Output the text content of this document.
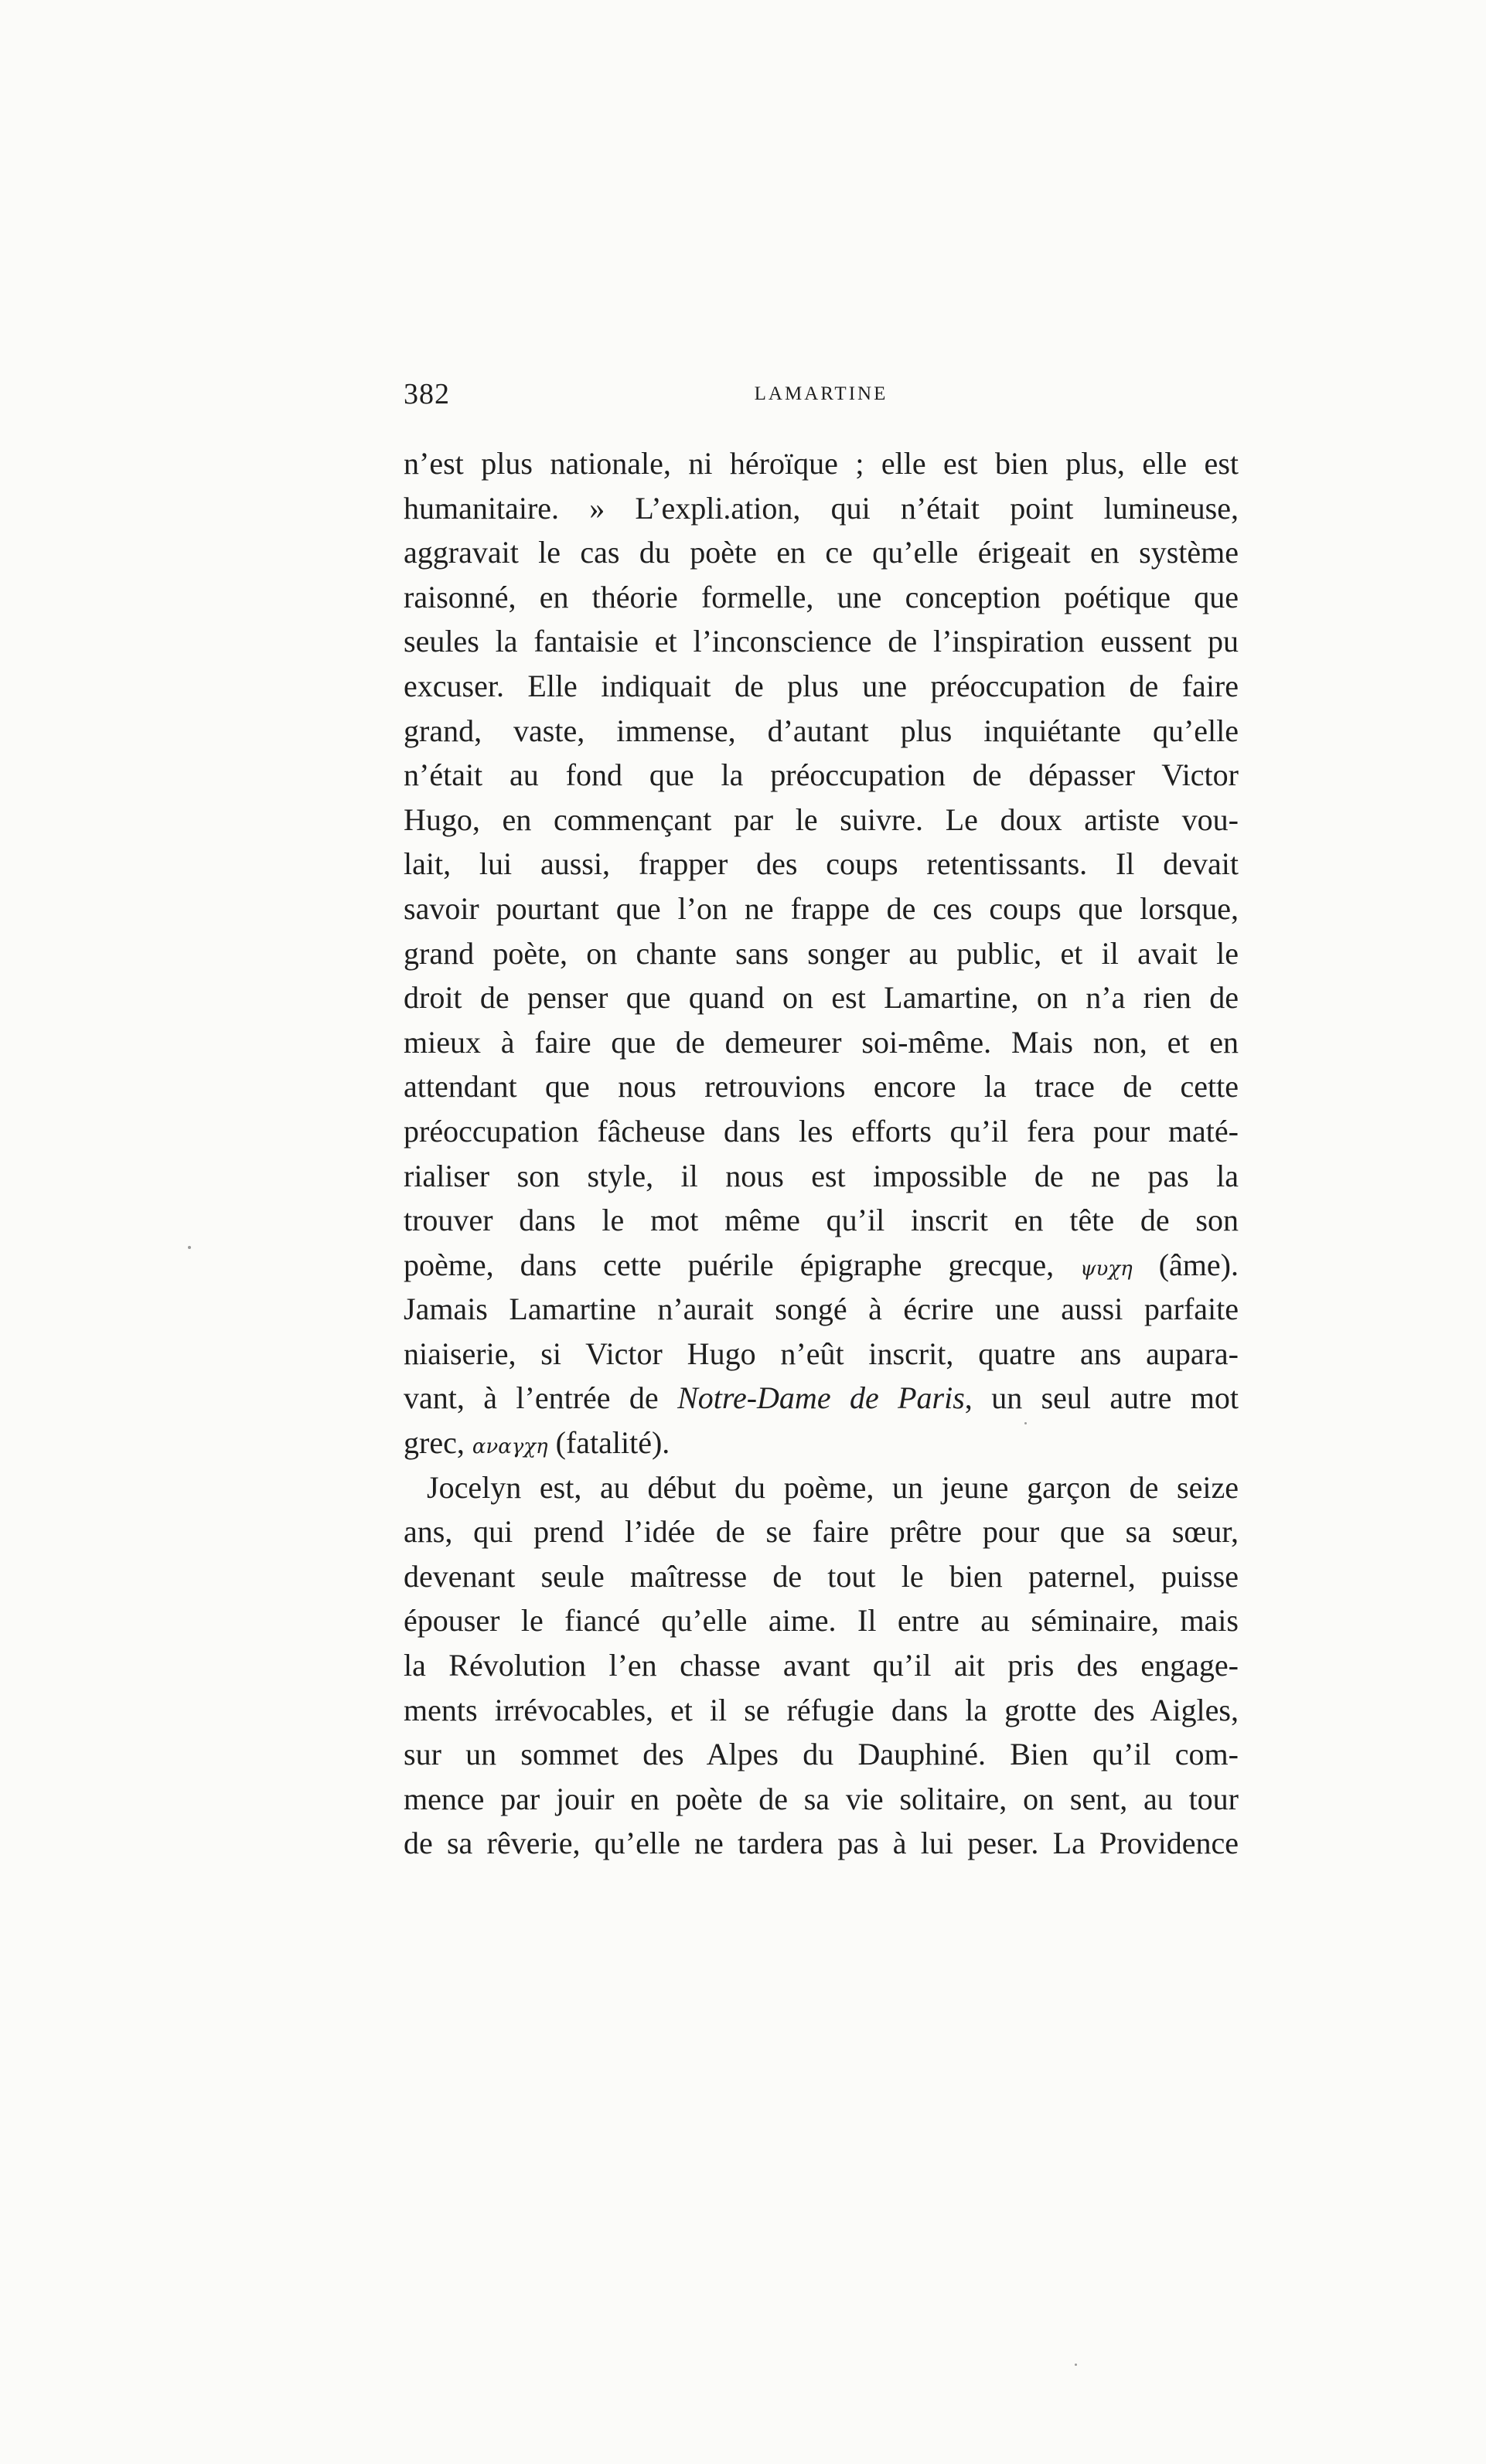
382	LAMARTINE
n’est plus nationale, ni héroïque ; elle est bien plus, elle est
humanitaire. » L’expli.ation, qui n’était point lumineuse,
aggravait le cas du poète en ce qu’elle érigeait en système
raisonné, en théorie formelle, une conception poétique que
seules la fantaisie et l’inconscience de l’inspiration eussent pu
excuser. Elle indiquait de plus une préoccupation de faire
grand, vaste, immense, d’autant plus inquiétante qu’elle
n’était au fond que la préoccupation de dépasser Victor
Hugo, en commençant par le suivre. Le doux artiste vou-
lait, lui aussi, frapper des coups retentissants. Il devait
savoir pourtant que l’on ne frappe de ces coups que lorsque,
grand poète, on chante sans songer au public, et il avait le
droit de penser que quand on est Lamartine, on n’a rien de
mieux à faire que de demeurer soi-même. Mais non, et en
attendant que nous retrouvions encore la trace de cette
préoccupation fâcheuse dans les efforts qu’il fera pour maté-
rialiser son style, il nous est impossible de ne pas la
trouver dans le mot même qu’il inscrit en tête de son
poème, dans cette puérile épigraphe grecque, ψυχη (âme).
Jamais Lamartine n’aurait songé à écrire une aussi parfaite
niaiserie, si Victor Hugo n’eût inscrit, quatre ans aupara-
vant, à l’entrée de Notre-Dame de Paris, un seul autre mot
grec, αναγχη (fatalité).
Jocelyn est, au début du poème, un jeune garçon de seize
ans, qui prend l’idée de se faire prêtre pour que sa sœur,
devenant seule maîtresse de tout le bien paternel, puisse
épouser le fiancé qu’elle aime. Il entre au séminaire, mais
la Révolution l’en chasse avant qu’il ait pris des engage-
ments irrévocables, et il se réfugie dans la grotte des Aigles,
sur un sommet des Alpes du Dauphiné. Bien qu’il com-
mence par jouir en poète de sa vie solitaire, on sent, au tour
de sa rêverie, qu’elle ne tardera pas à lui peser. La Providence
